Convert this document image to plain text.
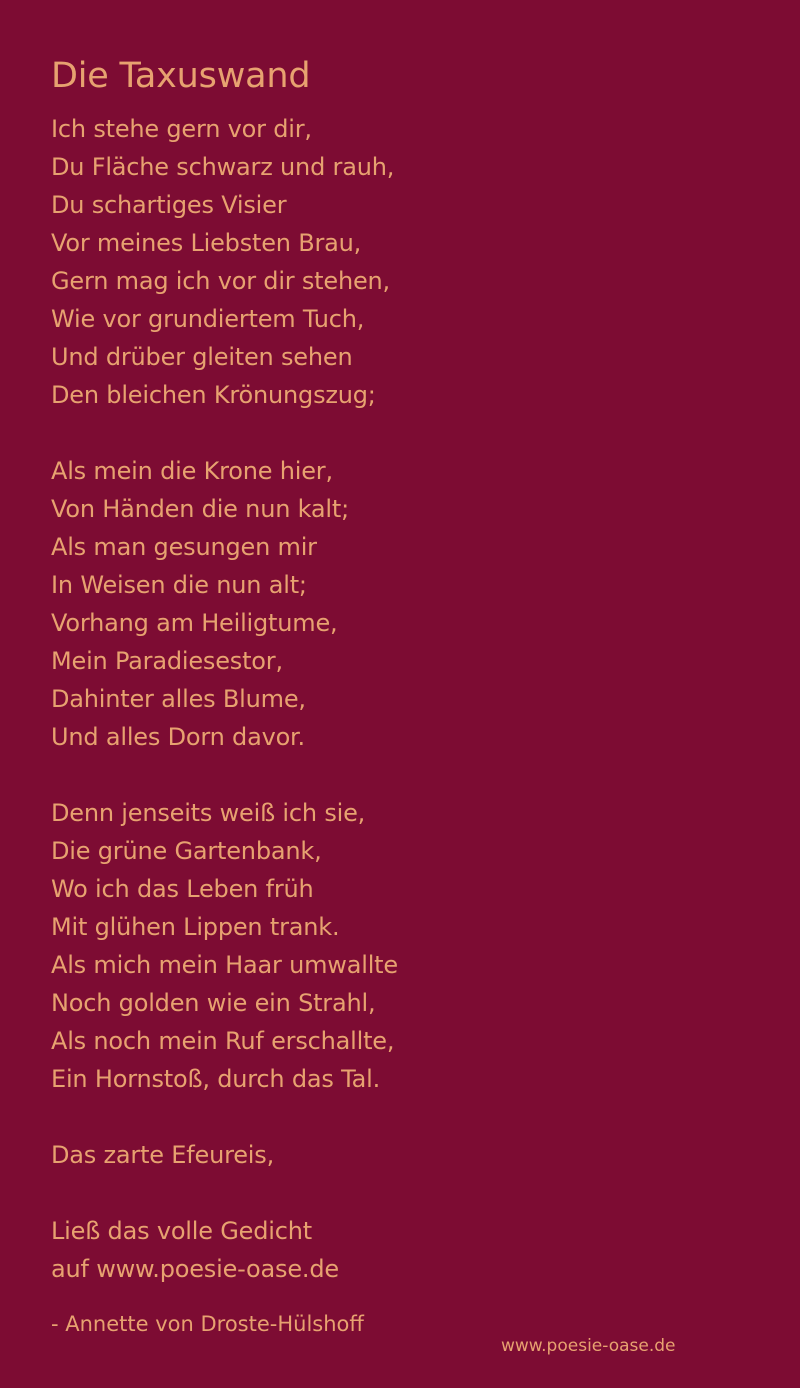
Die Taxuswand
Ich stehe gern vor dir,
Du Fläche schwarz und rauh,
Du schartiges Visier
Vor meines Liebsten Brau,
Gern mag ich vor dir stehen,
Wie vor grundiertem Tuch,
Und drüber gleiten sehen
Den bleichen Krönungszug;
Als mein die Krone hier,
Von Händen die nun kalt;
Als man gesungen mir
In Weisen die nun alt;
Vorhang am Heiligtume,
Mein Paradiesestor,
Dahinter alles Blume,
Und alles Dorn davor.
Denn jenseits weiß ich sie,
Die grüne Gartenbank,
Wo ich das Leben früh
Mit glühen Lippen trank.
Als mich mein Haar umwallte
Noch golden wie ein Strahl,
Als noch mein Ruf erschallte,
Ein Hornstoß, durch das Tal.
Das zarte Efeureis,
Ließ das volle Gedicht
auf www.poesie-oase.de
- Annette von Droste-Hülshoff
www.poesie-oase.de
